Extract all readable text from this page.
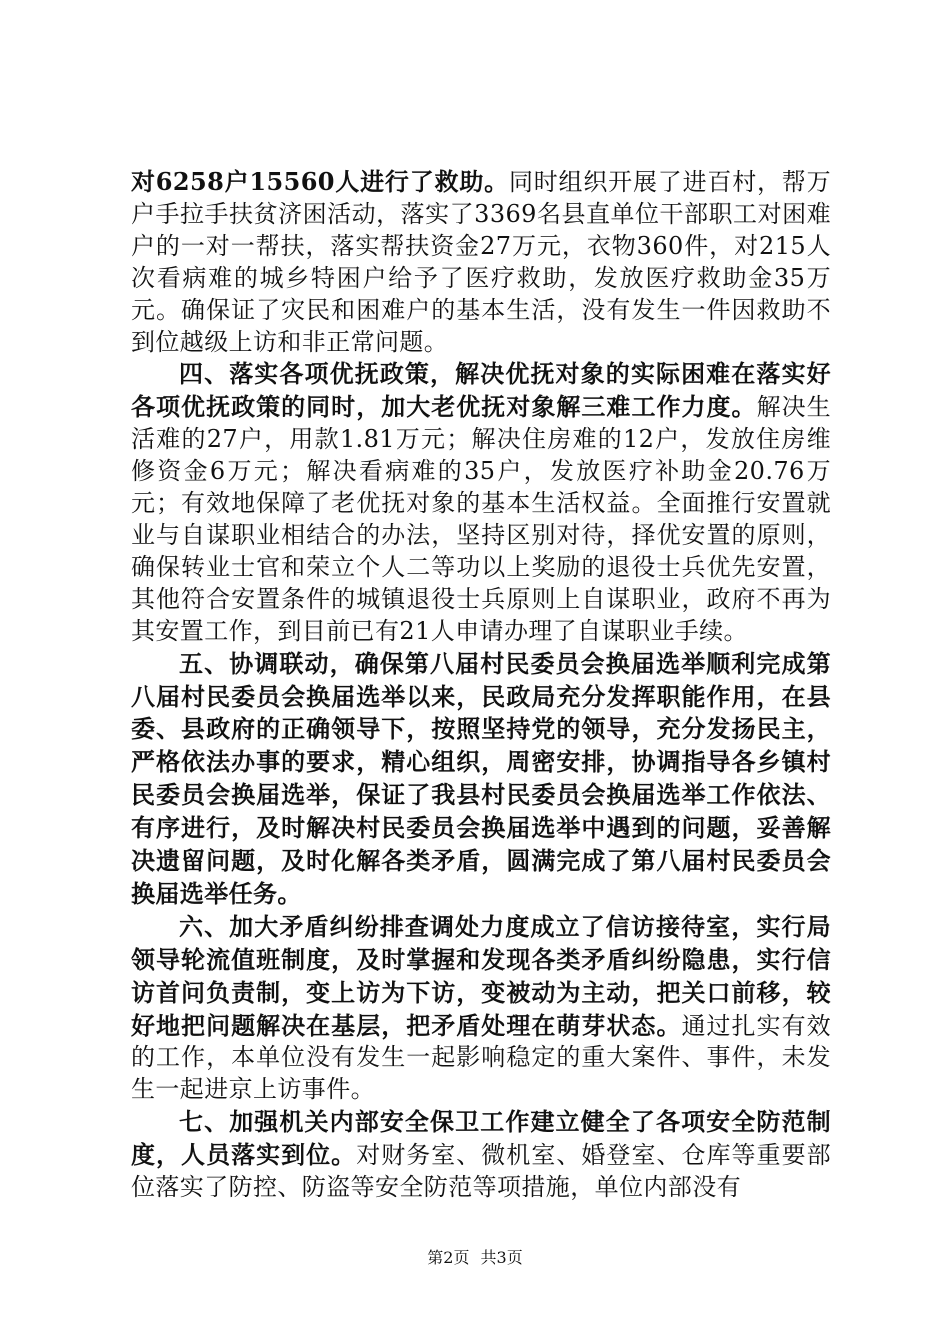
对6258户15560人进行了救助。同时组织开展了进百村，帮万户手拉手扶贫济困活动，落实了3369名县直单位干部职工对困难户的一对一帮扶，落实帮扶资金27万元，衣物360件，对215人次看病难的城乡特困户给予了医疗救助，发放医疗救助金35万元。确保证了灾民和困难户的基本生活，没有发生一件因救助不到位越级上访和非正常问题。

四、落实各项优抚政策，解决优抚对象的实际困难在落实好各项优抚政策的同时，加大老优抚对象解三难工作力度。解决生活难的27户，用款1.81万元；解决住房难的12户，发放住房维修资金6万元；解决看病难的35户，发放医疗补助金20.76万元；有效地保障了老优抚对象的基本生活权益。全面推行安置就业与自谋职业相结合的办法，坚持区别对待，择优安置的原则，确保转业士官和荣立个人二等功以上奖励的退役士兵优先安置，其他符合安置条件的城镇退役士兵原则上自谋职业，政府不再为其安置工作，到目前已有21人申请办理了自谋职业手续。

五、协调联动，确保第八届村民委员会换届选举顺利完成第八届村民委员会换届选举以来，民政局充分发挥职能作用，在县委、县政府的正确领导下，按照坚持党的领导，充分发扬民主，严格依法办事的要求，精心组织，周密安排，协调指导各乡镇村民委员会换届选举，保证了我县村民委员会换届选举工作依法、有序进行，及时解决村民委员会换届选举中遇到的问题，妥善解决遗留问题，及时化解各类矛盾，圆满完成了第八届村民委员会换届选举任务。

六、加大矛盾纠纷排查调处力度成立了信访接待室，实行局领导轮流值班制度，及时掌握和发现各类矛盾纠纷隐患，实行信访首问负责制，变上访为下访，变被动为主动，把关口前移，较好地把问题解决在基层，把矛盾处理在萌芽状态。通过扎实有效的工作，本单位没有发生一起影响稳定的重大案件、事件，未发生一起进京上访事件。

七、加强机关内部安全保卫工作建立健全了各项安全防范制度，人员落实到位。对财务室、微机室、婚登室、仓库等重要部位落实了防控、防盗等安全防范等项措施，单位内部没有

第2页 共3页
